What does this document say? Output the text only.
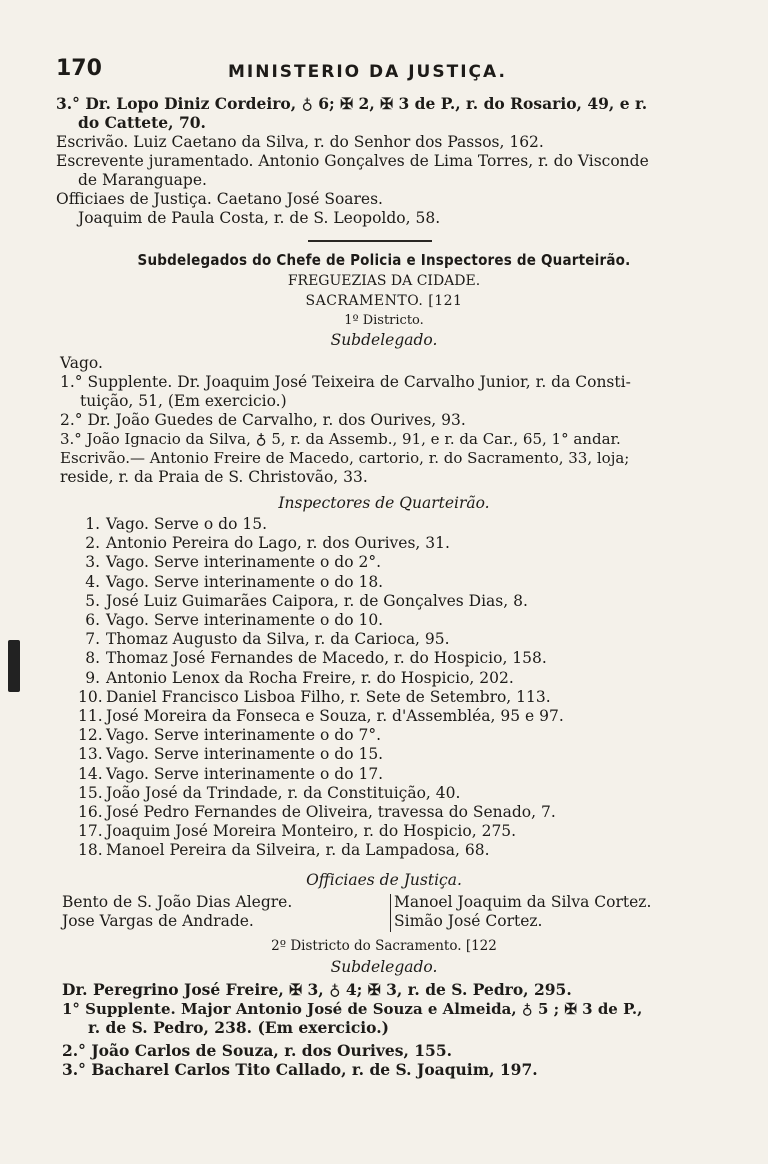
170	MINISTERIO DA JUSTIÇA.
3.° Dr. Lopo Diniz Cordeiro, ♁ 6; ✠ 2, ✠ 3 de P., r. do Rosario, 49, e r.
do Cattete, 70.
Escrivão. Luiz Caetano da Silva, r. do Senhor dos Passos, 162.
Escrevente juramentado. Antonio Gonçalves de Lima Torres, r. do Visconde
de Maranguape.
Officiaes de Justiça. Caetano José Soares.
Joaquim de Paula Costa, r. de S. Leopoldo, 58.
Subdelegados do Chefe de Policia e Inspectores de Quarteirão.
FREGUEZIAS DA CIDADE.
SACRAMENTO. [121
1º Districto.
Subdelegado.
Vago.
1.° Supplente. Dr. Joaquim José Teixeira de Carvalho Junior, r. da Consti-
tuição, 51, (Em exercicio.)
2.° Dr. João Guedes de Carvalho, r. dos Ourives, 93.
3.° João Ignacio da Silva, ♁ 5, r. da Assemb., 91, e r. da Car., 65, 1° andar.
Escrivão.— Antonio Freire de Macedo, cartorio, r. do Sacramento, 33, loja;
reside, r. da Praia de S. Christovão, 33.
Inspectores de Quarteirão.
1. Vago. Serve o do 15.
2. Antonio Pereira do Lago, r. dos Ourives, 31.
3. Vago. Serve interinamente o do 2°.
4. Vago. Serve interinamente o do 18.
5. José Luiz Guimarães Caipora, r. de Gonçalves Dias, 8.
6. Vago. Serve interinamente o do 10.
7. Thomaz Augusto da Silva, r. da Carioca, 95.
8. Thomaz José Fernandes de Macedo, r. do Hospicio, 158.
9. Antonio Lenox da Rocha Freire, r. do Hospicio, 202.
10. Daniel Francisco Lisboa Filho, r. Sete de Setembro, 113.
11. José Moreira da Fonseca e Souza, r. d'Assembléa, 95 e 97.
12. Vago. Serve interinamente o do 7°.
13. Vago. Serve interinamente o do 15.
14. Vago. Serve interinamente o do 17.
15. João José da Trindade, r. da Constituição, 40.
16. José Pedro Fernandes de Oliveira, travessa do Senado, 7.
17. Joaquim José Moreira Monteiro, r. do Hospicio, 275.
18. Manoel Pereira da Silveira, r. da Lampadosa, 68.
Officiaes de Justiça.
Bento de S. João Dias Alegre.
Jose Vargas de Andrade.
Manoel Joaquim da Silva Cortez.
Simão José Cortez.
2º Districto do Sacramento. [122
Subdelegado.
Dr. Peregrino José Freire, ✠ 3, ♁ 4; ✠ 3, r. de S. Pedro, 295.
1° Supplente. Major Antonio José de Souza e Almeida, ♁ 5 ; ✠ 3 de P.,
r. de S. Pedro, 238. (Em exercicio.)
2.° João Carlos de Souza, r. dos Ourives, 155.
3.° Bacharel Carlos Tito Callado, r. de S. Joaquim, 197.
